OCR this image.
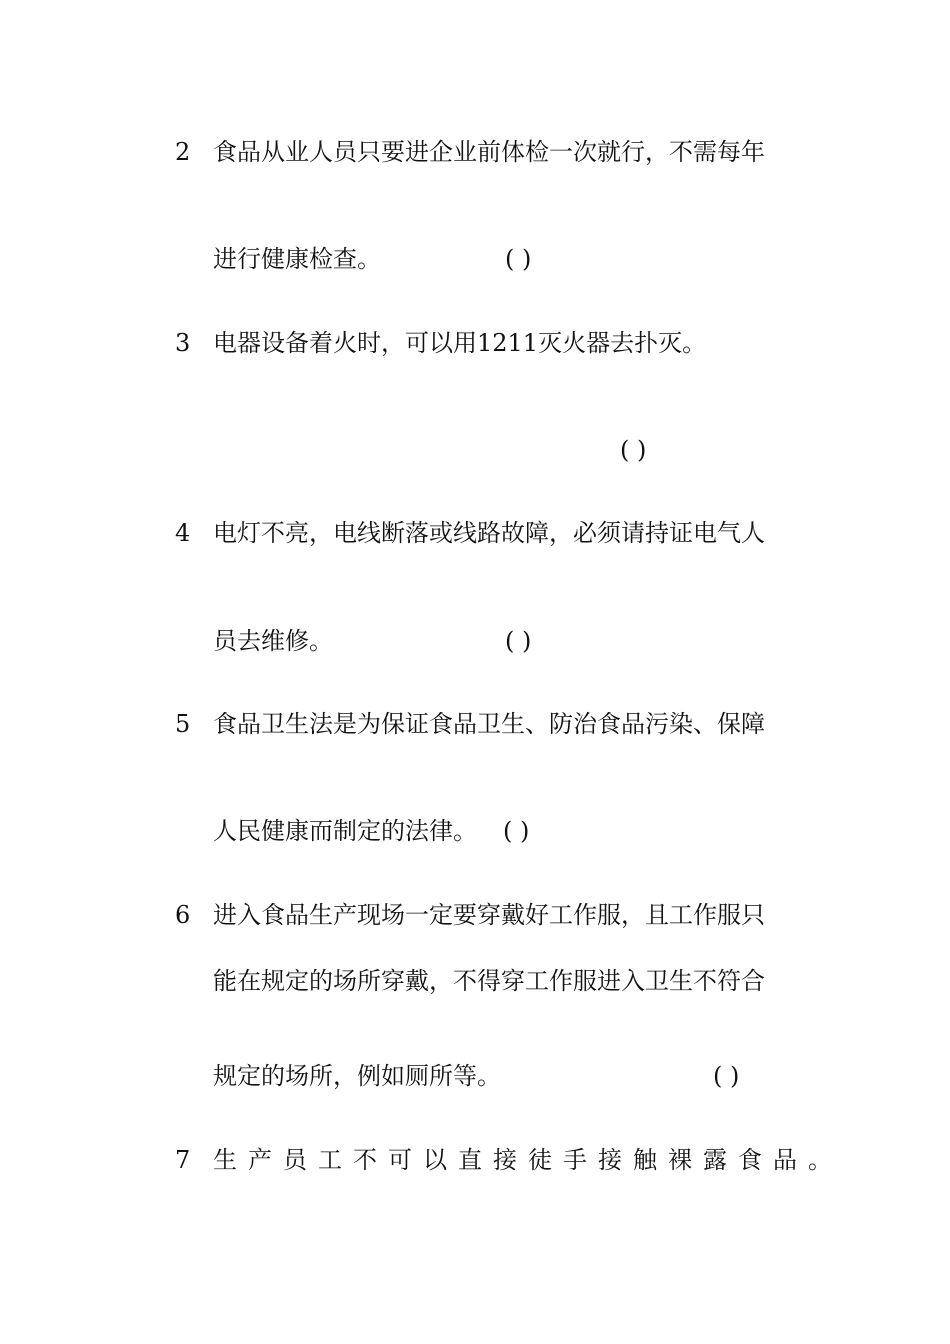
2 食品从业人员只要进企业前体检一次就行，不需每年
进行健康检查。	( )
3 电器设备着火时，可以用1211灭火器去扑灭。
( )
4 电灯不亮，电线断落或线路故障，必须请持证电气人
员去维修。	( )
5 食品卫生法是为保证食品卫生、防治食品污染、保障
人民健康而制定的法律。 ( )
6 进入食品生产现场一定要穿戴好工作服，且工作服只
能在规定的场所穿戴，不得穿工作服进入卫生不符合
规定的场所，例如厕所等。	( )
7 生产员工不可以直接徒手接触裸露食品。
